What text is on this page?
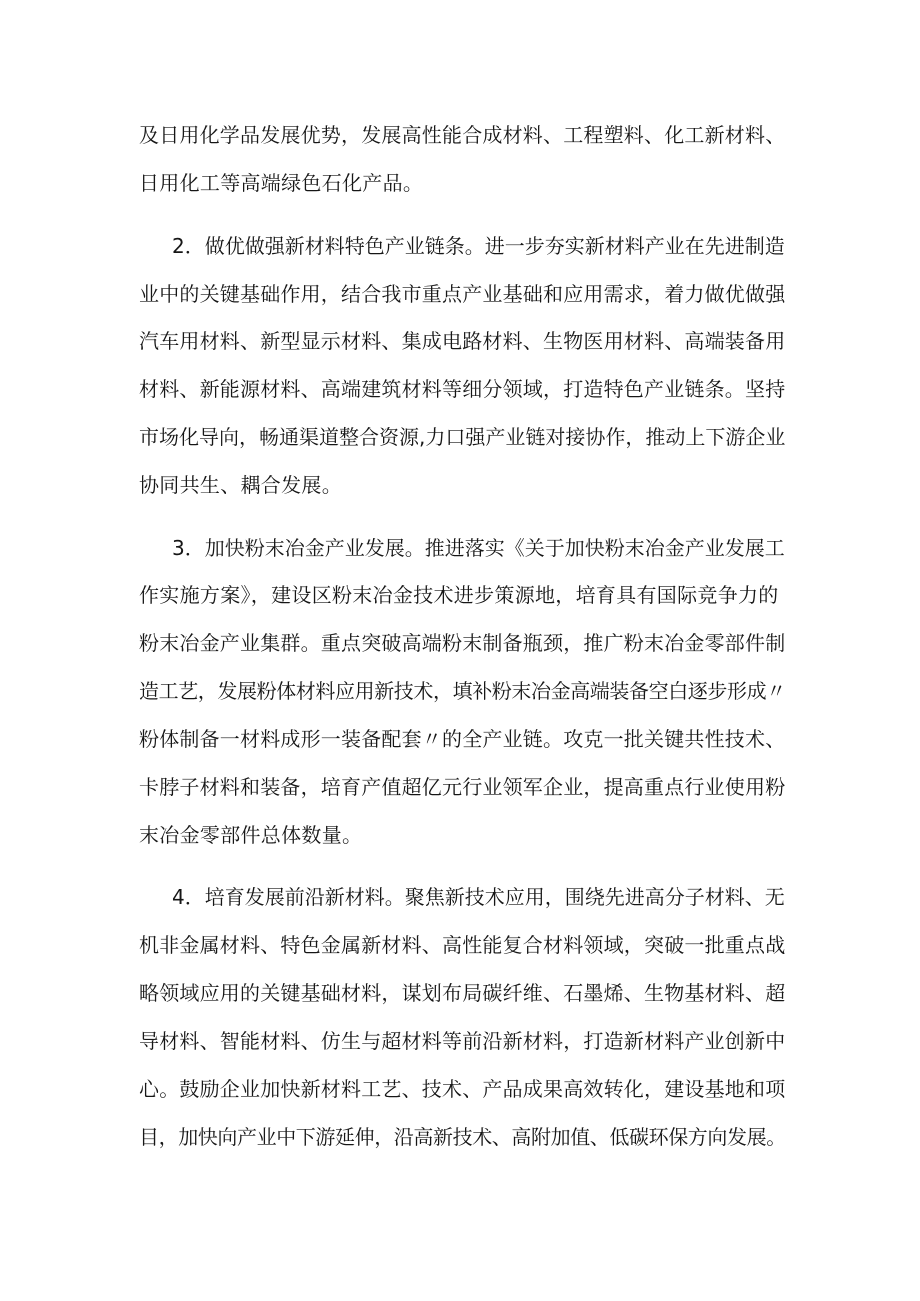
及日用化学品发展优势，发展高性能合成材料、工程塑料、化工新材料、
日用化工等高端绿色石化产品。
2．做优做强新材料特色产业链条。进一步夯实新材料产业在先进制造
业中的关键基础作用，结合我市重点产业基础和应用需求，着力做优做强
汽车用材料、新型显示材料、集成电路材料、生物医用材料、高端装备用
材料、新能源材料、高端建筑材料等细分领域，打造特色产业链条。坚持
市场化导向，畅通渠道整合资源,力口强产业链对接协作，推动上下游企业
协同共生、耦合发展。
3．加快粉末冶金产业发展。推进落实《关于加快粉末冶金产业发展工
作实施方案》，建设区粉末冶金技术进步策源地，培育具有国际竞争力的
粉末冶金产业集群。重点突破高端粉末制备瓶颈，推广粉末冶金零部件制
造工艺，发展粉体材料应用新技术，填补粉末冶金高端装备空白逐步形成〃
粉体制备一材料成形一装备配套〃的全产业链。攻克一批关键共性技术、
卡脖子材料和装备，培育产值超亿元行业领军企业，提高重点行业使用粉
末冶金零部件总体数量。
4．培育发展前沿新材料。聚焦新技术应用，围绕先进高分子材料、无
机非金属材料、特色金属新材料、高性能复合材料领域，突破一批重点战
略领域应用的关键基础材料，谋划布局碳纤维、石墨烯、生物基材料、超
导材料、智能材料、仿生与超材料等前沿新材料，打造新材料产业创新中
心。鼓励企业加快新材料工艺、技术、产品成果高效转化，建设基地和项
目，加快向产业中下游延伸，沿高新技术、高附加值、低碳环保方向发展。
